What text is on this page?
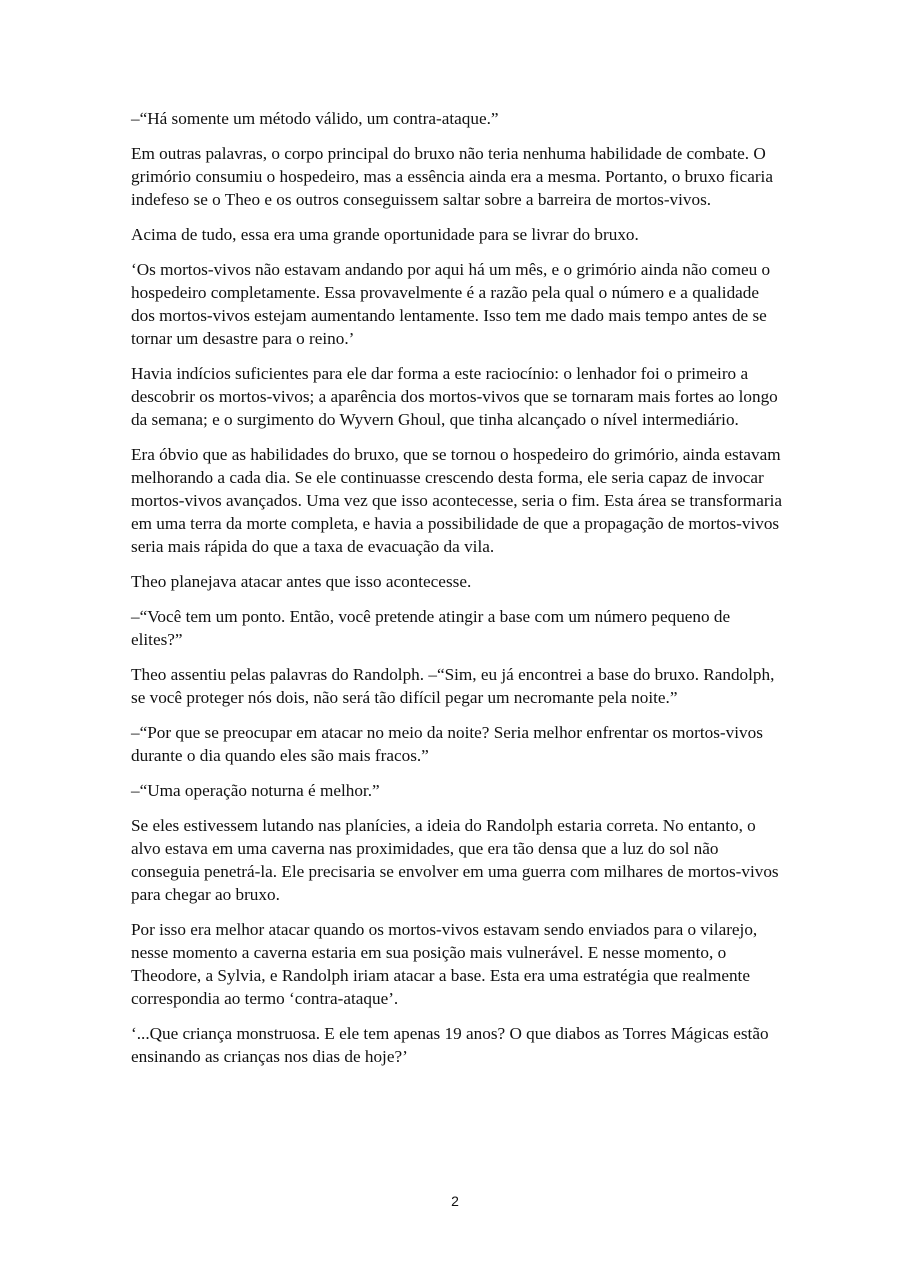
–“Há somente um método válido, um contra-ataque.”

Em outras palavras, o corpo principal do bruxo não teria nenhuma habilidade de combate. O grimório consumiu o hospedeiro, mas a essência ainda era a mesma. Portanto, o bruxo ficaria indefeso se o Theo e os outros conseguissem saltar sobre a barreira de mortos-vivos.

Acima de tudo, essa era uma grande oportunidade para se livrar do bruxo.

‘Os mortos-vivos não estavam andando por aqui há um mês, e o grimório ainda não comeu o hospedeiro completamente. Essa provavelmente é a razão pela qual o número e a qualidade dos mortos-vivos estejam aumentando lentamente. Isso tem me dado mais tempo antes de se tornar um desastre para o reino.’

Havia indícios suficientes para ele dar forma a este raciocínio: o lenhador foi o primeiro a descobrir os mortos-vivos; a aparência dos mortos-vivos que se tornaram mais fortes ao longo da semana; e o surgimento do Wyvern Ghoul, que tinha alcançado o nível intermediário.

Era óbvio que as habilidades do bruxo, que se tornou o hospedeiro do grimório, ainda estavam melhorando a cada dia. Se ele continuasse crescendo desta forma, ele seria capaz de invocar mortos-vivos avançados. Uma vez que isso acontecesse, seria o fim. Esta área se transformaria em uma terra da morte completa, e havia a possibilidade de que a propagação de mortos-vivos seria mais rápida do que a taxa de evacuação da vila.

Theo planejava atacar antes que isso acontecesse.

–“Você tem um ponto. Então, você pretende atingir a base com um número pequeno de elites?”

Theo assentiu pelas palavras do Randolph. –“Sim, eu já encontrei a base do bruxo. Randolph, se você proteger nós dois, não será tão difícil pegar um necromante pela noite.”

–“Por que se preocupar em atacar no meio da noite? Seria melhor enfrentar os mortos-vivos durante o dia quando eles são mais fracos.”

–“Uma operação noturna é melhor.”

Se eles estivessem lutando nas planícies, a ideia do Randolph estaria correta. No entanto, o alvo estava em uma caverna nas proximidades, que era tão densa que a luz do sol não conseguia penetrá-la. Ele precisaria se envolver em uma guerra com milhares de mortos-vivos para chegar ao bruxo.

Por isso era melhor atacar quando os mortos-vivos estavam sendo enviados para o vilarejo, nesse momento a caverna estaria em sua posição mais vulnerável. E nesse momento, o Theodore, a Sylvia, e Randolph iriam atacar a base. Esta era uma estratégia que realmente correspondia ao termo ‘contra-ataque’.

‘...Que criança monstruosa. E ele tem apenas 19 anos? O que diabos as Torres Mágicas estão ensinando as crianças nos dias de hoje?’

2
